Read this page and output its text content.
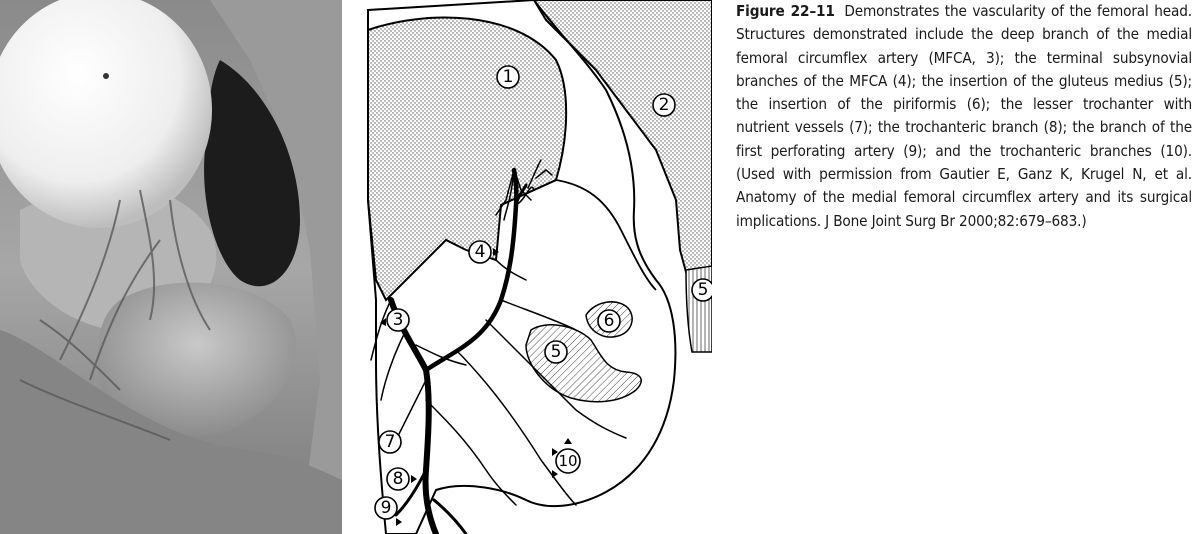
1
2
3
4
5
5
6
7
8
9
10
Figure 22–11 Demonstrates the vascularity of the femoral head. Structures demonstrated include the deep branch of the medial femoral circumflex artery (MFCA, 3); the terminal subsynovial branches of the MFCA (4); the insertion of the gluteus medius (5); the insertion of the piriformis (6); the lesser trochanter with nutrient vessels (7); the trochanteric branch (8); the branch of the first perforating artery (9); and the trochanteric branches (10). (Used with permission from Gautier E, Ganz K, Krugel N, et al. Anatomy of the medial femoral circumflex artery and its surgical implications. J Bone Joint Surg Br 2000;82:679–683.)
